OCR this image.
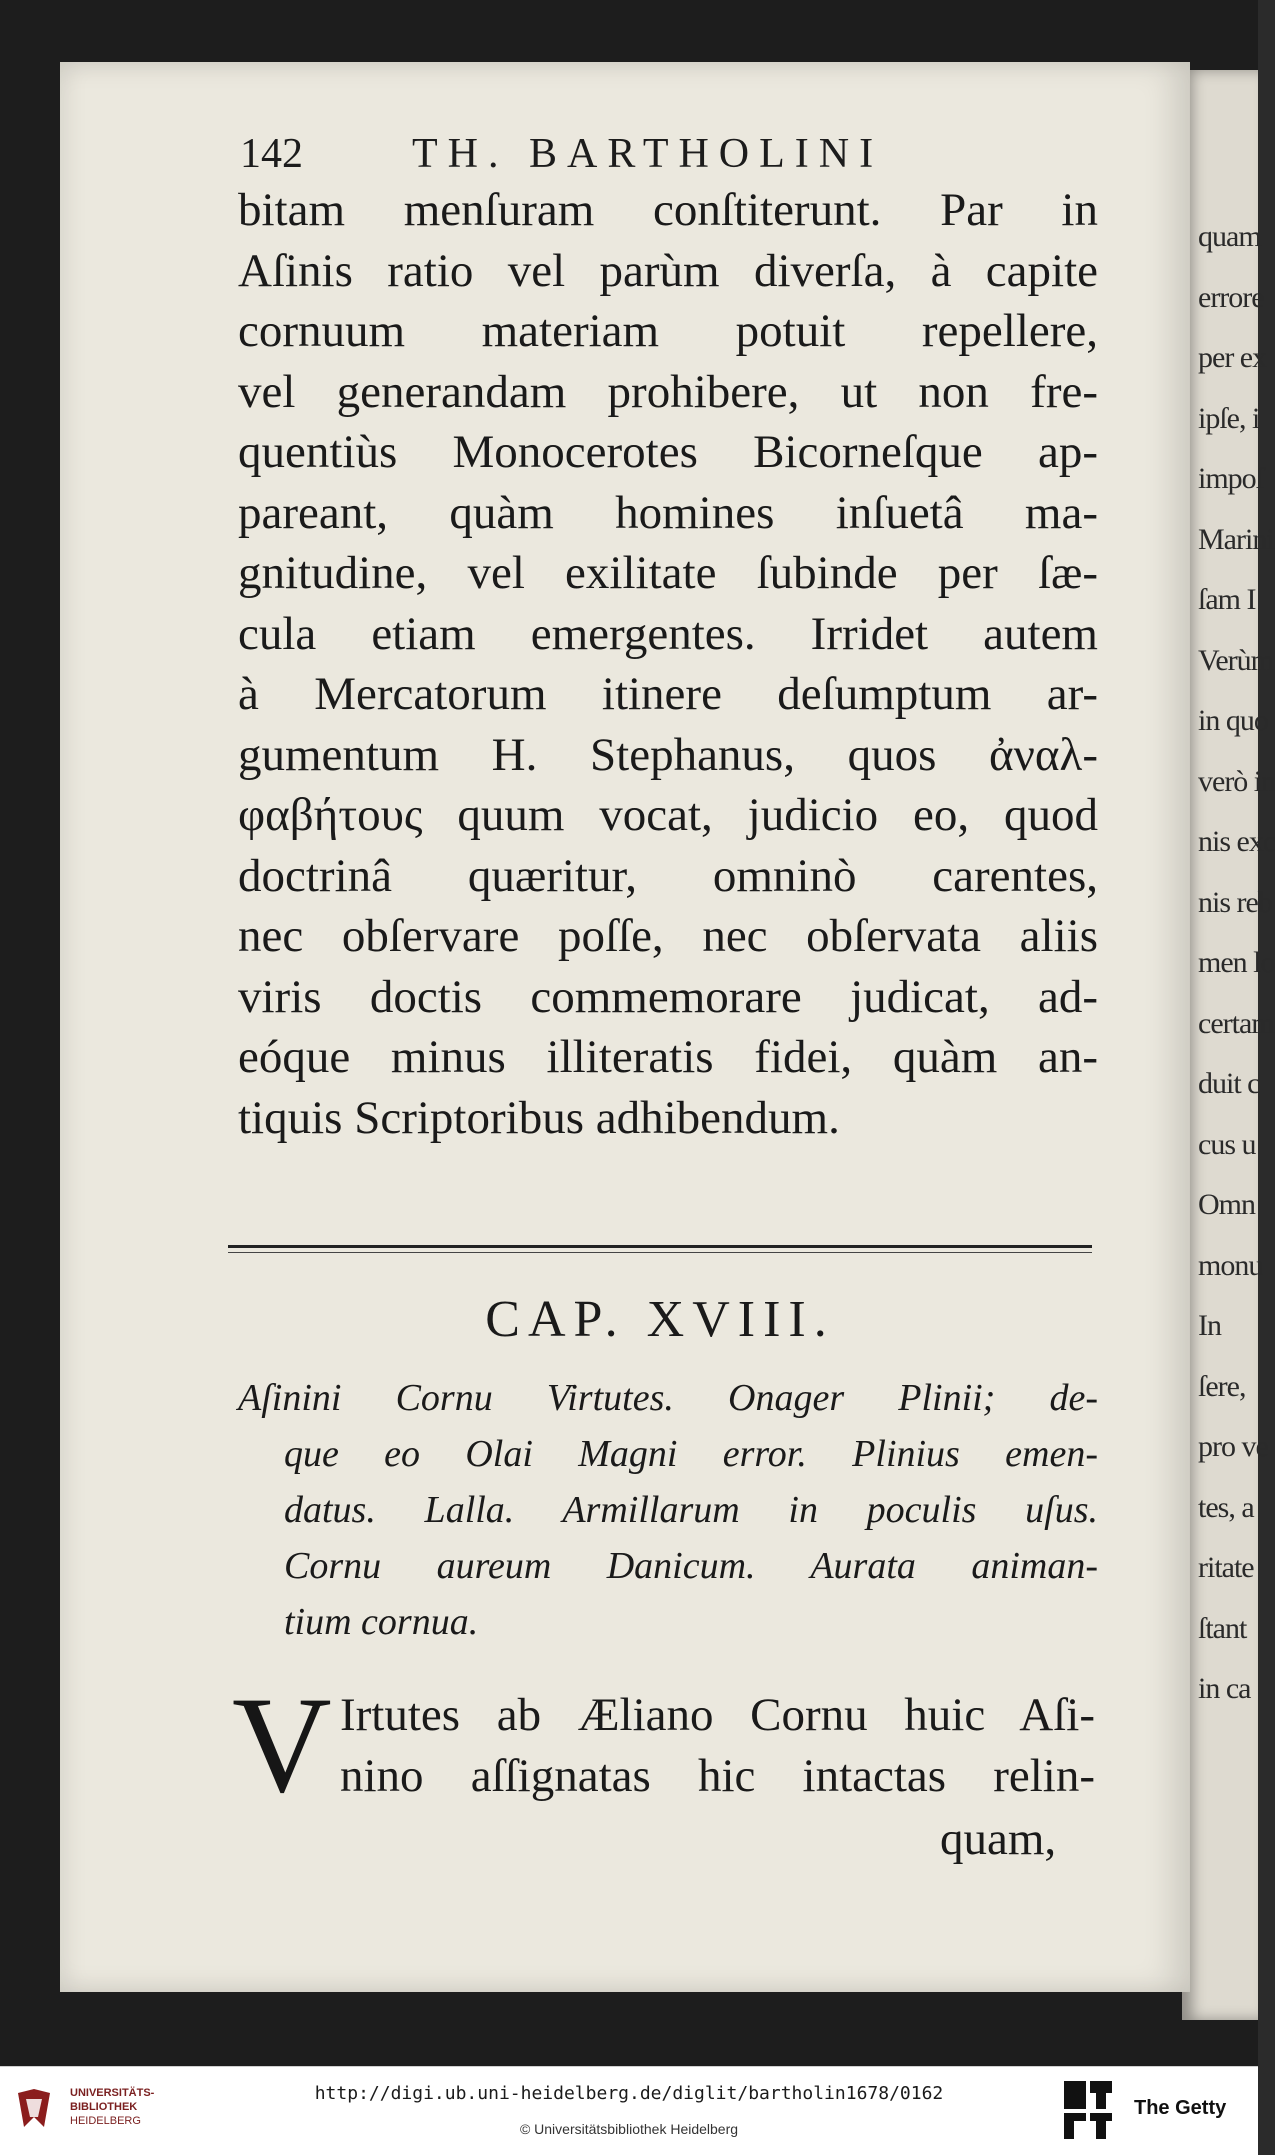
quam
errore
per ex
ipſe, i
impoſ
Marini
ſam I
Verùm
in quo
verò in
nis exc
nis reb
men lo
certam
duit c
cus u
Omn
monu
In
ſere,
pro ve
tes, a
ritate
ſtant
in ca
142	TH. BARTHOLINI
bitam menſuram conſtiterunt. Par in
Aſinis ratio vel parùm diverſa, à capite
cornuum materiam potuit repellere,
vel generandam prohibere, ut non fre-
quentiùs Monocerotes Bicorneſque ap-
pareant, quàm homines inſuetâ ma-
gnitudine, vel exilitate ſubinde per ſæ-
cula etiam emergentes. Irridet autem
à Mercatorum itinere deſumptum ar-
gumentum H. Stephanus, quos ἀναλ-
φαβήτους quum vocat, judicio eo, quod
doctrinâ quæritur, omninò carentes,
nec obſervare poſſe, nec obſervata aliis
viris doctis commemorare judicat, ad-
eóque minus illiteratis fidei, quàm an-
tiquis Scriptoribus adhibendum.
CAP. XVIII.
Aſinini Cornu Virtutes. Onager Plinii; de-
que eo Olai Magni error. Plinius emen-
datus. Lalla. Armillarum in poculis uſus.
Cornu aureum Danicum. Aurata animan-
tium cornua.
V Irtutes ab Æliano Cornu huic Aſi-
nino aſſignatas hic intactas relin-
quam,
UNIVERSITÄTS-
BIBLIOTHEK
HEIDELBERG
http://digi.ub.uni-heidelberg.de/diglit/bartholin1678/0162
© Universitätsbibliothek Heidelberg
The Getty
